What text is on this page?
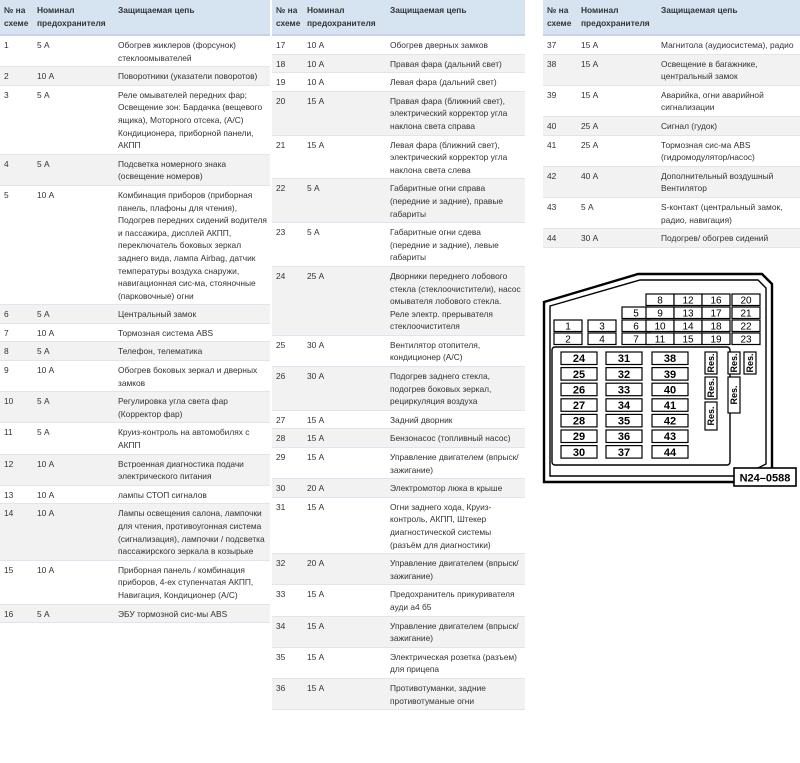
№ на схеме	Номинал предохранителя	Защищаемая цепь
1	5 А	Обогрев жиклеров (форсунок) стеклоомывателей
2	10 А	Поворотники (указатели поворотов)
3	5 А	Реле омывателей передних фар; Освещение зон: Бардачка (вещевого ящика), Моторного отсека, (А/С) Кондиционера, приборной панели, АКПП
4	5 А	Подсветка номерного знака (освещение номеров)
5	10 А	Комбинация приборов (приборная панель, плафоны для чтения), Подогрев передних сидений водителя и пассажира, дисплей АКПП, переключатель боковых зеркал заднего вида, лампа Airbag, датчик температуры воздуха снаружи, навигационная сис-ма, стояночные (парковочные) огни
6	5 А	Центральный замок
7	10 А	Тормозная система ABS
8	5 А	Телефон, телематика
9	10 А	Обогрев боковых зеркал и дверных замков
10	5 А	Регулировка угла света фар (Корректор фар)
11	5 А	Круиз-контроль на автомобилях с АКПП
12	10 А	Встроенная диагностика подачи электрического питания
13	10 А	лампы СТОП сигналов
14	10 А	Лампы освещения салона, лампочки для чтения, противоугонная система (сигнализация), лампочки / подсветка пассажирского зеркала в козырьке
15	10 А	Приборная панель / комбинация приборов, 4-ех ступенчатая АКПП, Навигация, Кондиционер (А/С)
16	5 А	ЭБУ тормозной сис-мы ABS
№ на схеме	Номинал предохранителя	Защищаемая цепь
17	10 А	Обогрев дверных замков
18	10 А	Правая фара (дальний свет)
19	10 А	Левая фара (дальний свет)
20	15 А	Правая фара (ближний свет), электрический корректор угла наклона света справа
21	15 А	Левая фара (ближний свет), электрический корректор угла наклона света слева
22	5 А	Габаритные огни справа (передние и задние), правые габариты
23	5 А	Габаритные огни сдева (передние и задние), левые габариты
24	25 А	Дворники переднего лобового стекла (стеклоочистители), насос омывателя лобового стекла. Реле электр. прерывателя стеклоочистителя
25	30 А	Вентилятор отопителя, кондиционер (А/С)
26	30 А	Подогрев заднего стекла, подогрев боковых зеркал, рециркуляция воздуха
27	15 А	Задний дворник
28	15 А	Бензонасос (топливный насос)
29	15 А	Управление двигателем (впрыск/ зажигание)
30	20 А	Электромотор люка в крыше
31	15 А	Огни заднего хода, Круиз-контроль, АКПП, Штекер диагностической системы (разъём для диагностики)
32	20 А	Управление двигателем (впрыск/ зажигание)
33	15 А	Предохранитель прикуривателя ауди а4 б5
34	15 А	Управление двигателем (впрыск/ зажигание)
35	15 А	Электрическая розетка (разъем) для прицепа
36	15 А	Противотуманки, задние противотуманые огни
№ на схеме	Номинал предохранителя	Защищаемая цепь
37	15 А	Магнитола (аудиосистема), радио
38	15 А	Освещение в багажнике, центральный замок
39	15 А	Аварийка, огни аварийной сигнализации
40	25 А	Сигнал (гудок)
41	25 А	Тормозная сис-ма ABS (гидромодулятор/насос)
42	40 А	Дополнительный воздушный Вентилятор
43	5 А	S-контакт (центральный замок, радио, навигация)
44	30 А	Подогрев/ обогрев сидений
8 12 16 20
5 9 13 17 21
1	3	6 10 14 18 22
2	4	7 11 15 19 23
24
25
26
27
28
29
30
31
32
33
34
35
36
37
38
39
40
41
42
43
44
Res. Res.
Res. Res.
Res.
Res.
N24–0588
